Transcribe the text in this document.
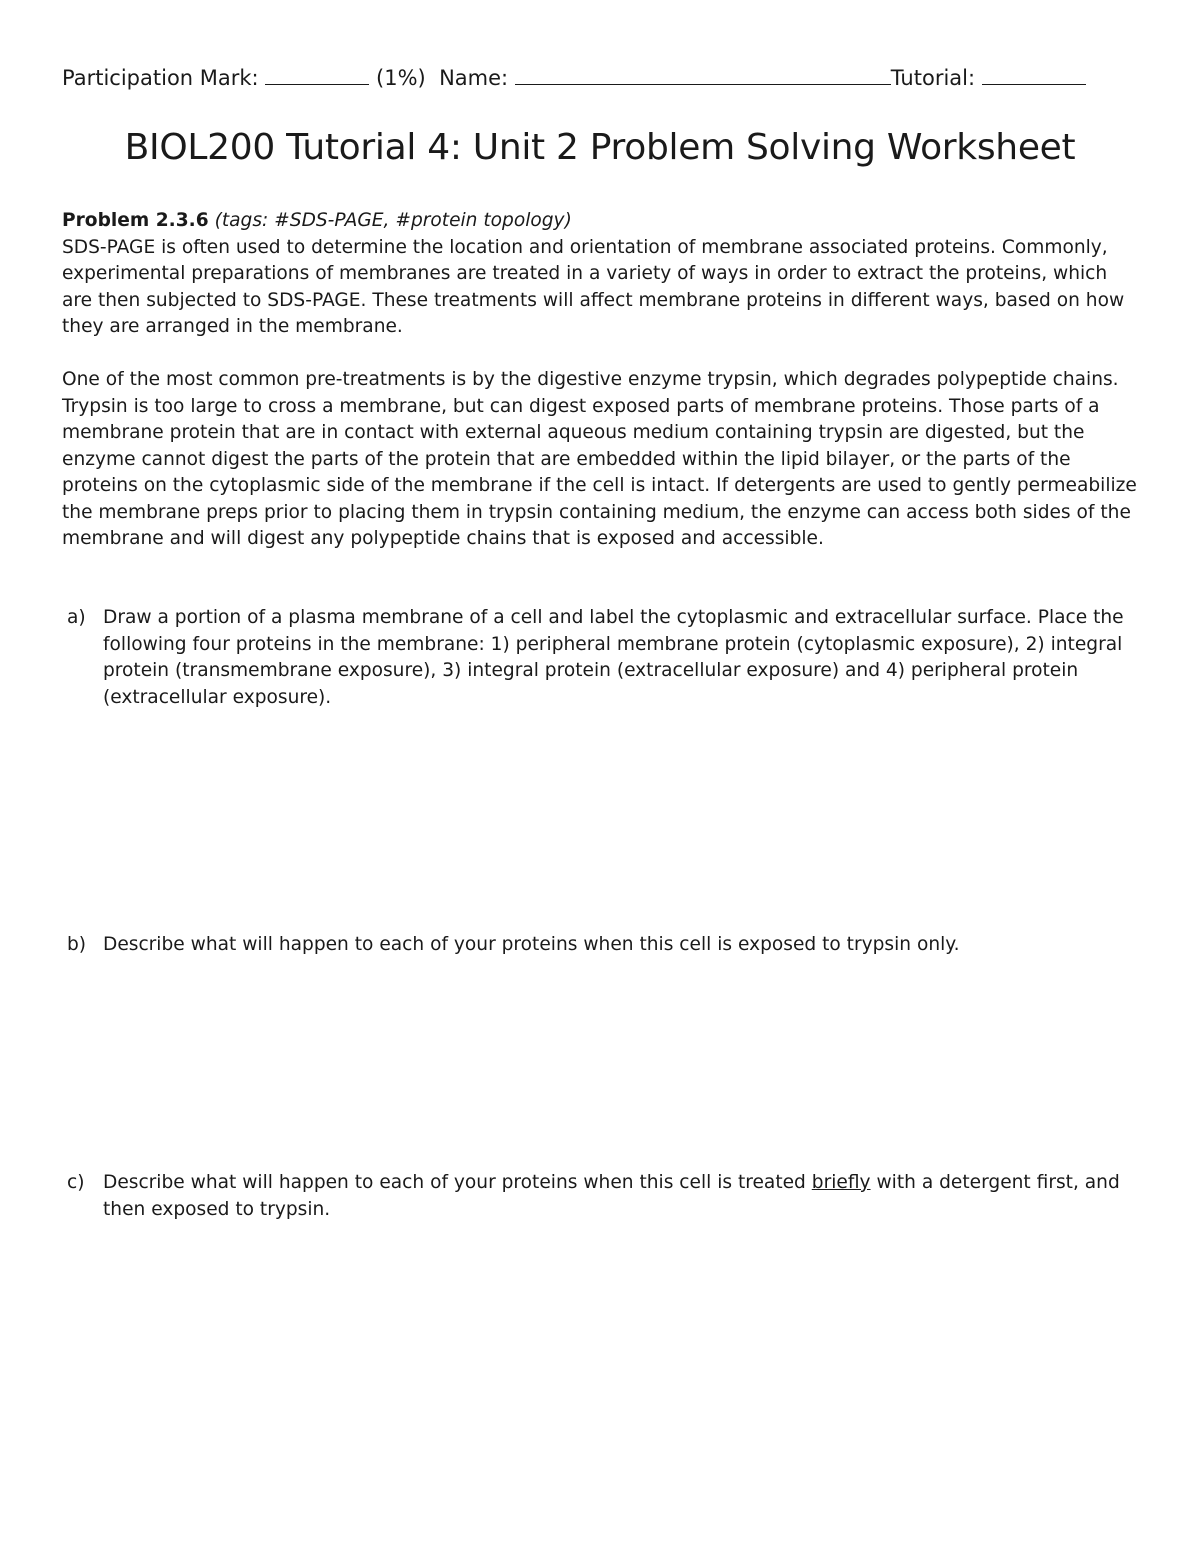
Participation Mark:	(1%) Name:	Tutorial:
BIOL200 Tutorial 4: Unit 2 Problem Solving Worksheet

Problem 2.3.6 (tags: #SDS-PAGE, #protein topology)

SDS-PAGE is often used to determine the location and orientation of membrane associated proteins. Commonly, experimental preparations of membranes are treated in a variety of ways in order to extract the proteins, which are then subjected to SDS-PAGE. These treatments will affect membrane proteins in different ways, based on how they are arranged in the membrane.

One of the most common pre-treatments is by the digestive enzyme trypsin, which degrades polypeptide chains. Trypsin is too large to cross a membrane, but can digest exposed parts of membrane proteins. Those parts of a membrane protein that are in contact with external aqueous medium containing trypsin are digested, but the enzyme cannot digest the parts of the protein that are embedded within the lipid bilayer, or the parts of the proteins on the cytoplasmic side of the membrane if the cell is intact. If detergents are used to gently permeabilize the membrane preps prior to placing them in trypsin containing medium, the enzyme can access both sides of the membrane and will digest any polypeptide chains that is exposed and accessible.

a) Draw a portion of a plasma membrane of a cell and label the cytoplasmic and extracellular surface. Place the following four proteins in the membrane: 1) peripheral membrane protein (cytoplasmic exposure), 2) integral protein (transmembrane exposure), 3) integral protein (extracellular exposure) and 4) peripheral protein (extracellular exposure).
b) Describe what will happen to each of your proteins when this cell is exposed to trypsin only.
c) Describe what will happen to each of your proteins when this cell is treated briefly with a detergent first, and then exposed to trypsin.
